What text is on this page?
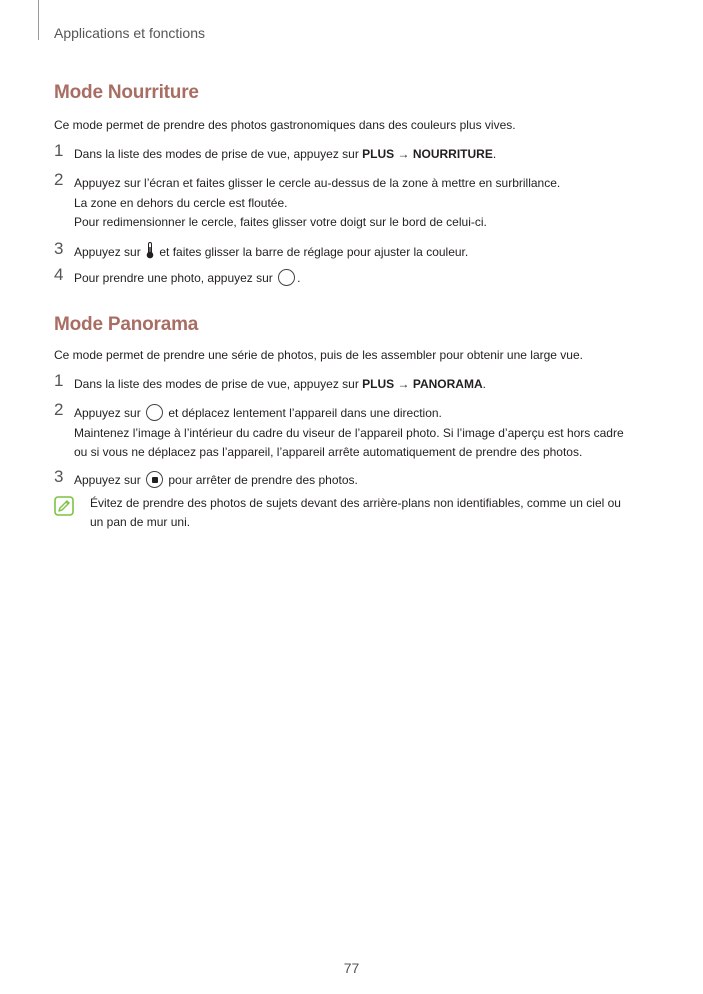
Applications et fonctions
Mode Nourriture
Ce mode permet de prendre des photos gastronomiques dans des couleurs plus vives.
1 Dans la liste des modes de prise de vue, appuyez sur PLUS → NOURRITURE.
2 Appuyez sur l’écran et faites glisser le cercle au-dessus de la zone à mettre en surbrillance.
La zone en dehors du cercle est floutée.
Pour redimensionner le cercle, faites glisser votre doigt sur le bord de celui-ci.
3 Appuyez sur  et faites glisser la barre de réglage pour ajuster la couleur.
4 Pour prendre une photo, appuyez sur .
Mode Panorama
Ce mode permet de prendre une série de photos, puis de les assembler pour obtenir une large vue.
1 Dans la liste des modes de prise de vue, appuyez sur PLUS → PANORAMA.
2 Appuyez sur  et déplacez lentement l’appareil dans une direction.
Maintenez l’image à l’intérieur du cadre du viseur de l’appareil photo. Si l’image d’aperçu est hors cadre
ou si vous ne déplacez pas l’appareil, l’appareil arrête automatiquement de prendre des photos.
3 Appuyez sur  pour arrêter de prendre des photos.
Évitez de prendre des photos de sujets devant des arrière-plans non identifiables, comme un ciel ou
un pan de mur uni.
77
